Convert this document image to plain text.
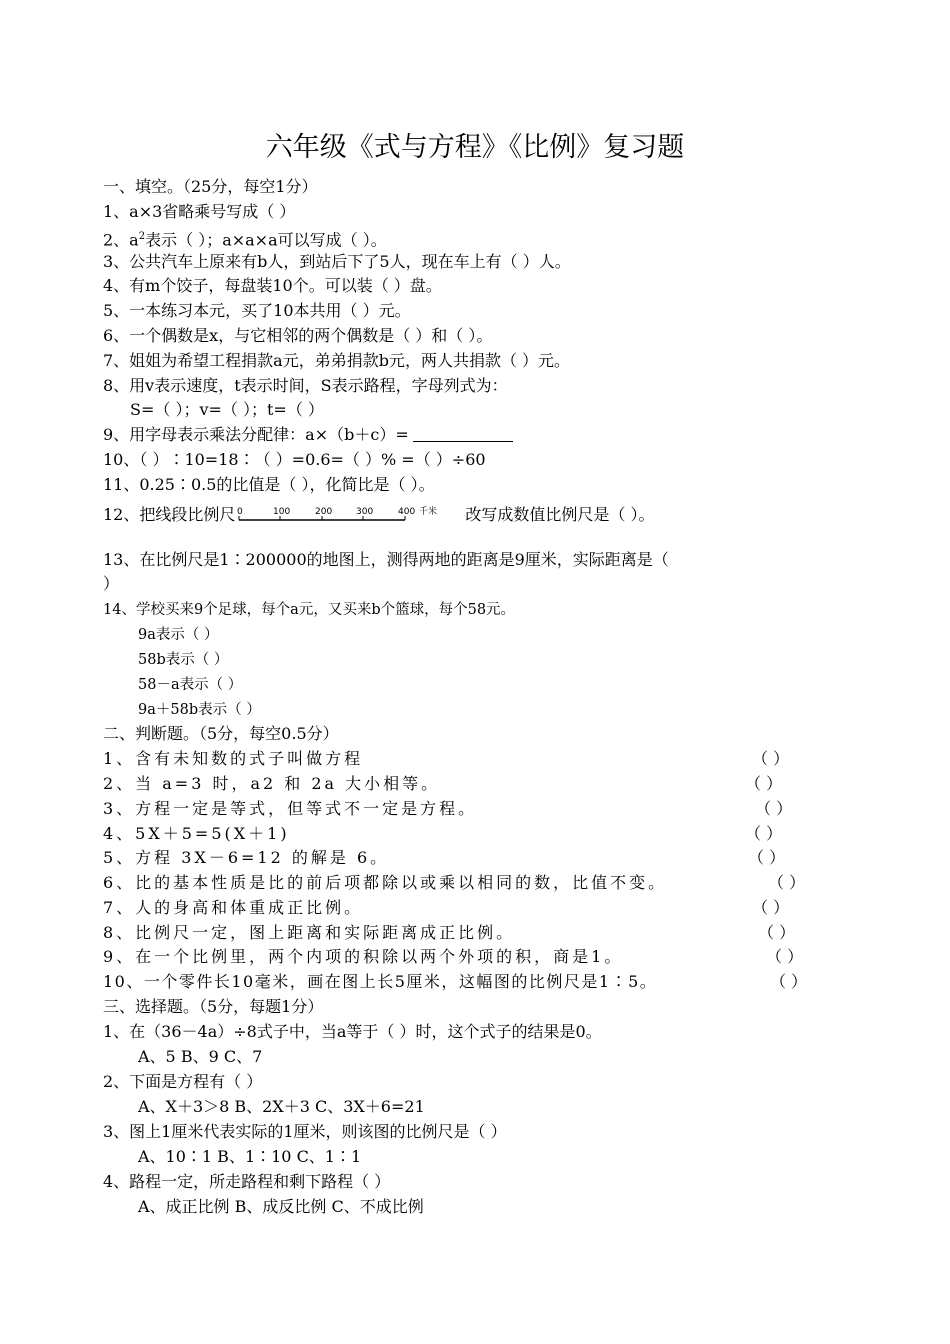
六年级《式与方程》《比例》复习题
一、填空。（25分，每空1分）
1、a×3省略乘号写成（ ）
2、$a^2$表示（ ）；a×a×a可以写成（ ）。
3、公共汽车上原来有b人，到站后下了5人，现在车上有（ ）人。
4、有m个饺子，每盘装10个。可以装（ ）盘。
5、一本练习本元，买了10本共用（ ）元。
6、一个偶数是x，与它相邻的两个偶数是（ ）和（ ）。
7、姐姐为希望工程捐款a元，弟弟捐款b元，两人共捐款（ ）元。
8、用v表示速度，t表示时间，S表示路程，字母列式为：
S=（ ）；v=（ ）；t=（ ）
9、用字母表示乘法分配律：a×（b＋c）=
10、（ ）∶10=18∶（ ）=0.6=（ ）% =（ ）÷60
11、0.25∶0.5的比值是（ ），化简比是（ ）。
12、把线段比例尺 0	100	200	300	400 千米 改写成数值比例尺是（ ）。
13、在比例尺是1∶200000的地图上，测得两地的距离是9厘米，实际距离是（
）
14、学校买来9个足球，每个a元，又买来b个篮球，每个58元。
9a表示（ ）
58b表示（ ）
58－a表示（ ）
9a＋58b表示（ ）
二、判断题。（5分，每空0.5分）
1、含有未知数的式子叫做方程	（ ）
2、当 a=3 时，a2 和 2a 大小相等。	（ ）
3、方程一定是等式，但等式不一定是方程。	（ ）
4、5X＋5=5(X＋1)	（ ）
5、方程 3X－6=12 的解是 6。	（ ）
6、比的基本性质是比的前后项都除以或乘以相同的数，比值不变。	（ ）
7、人的身高和体重成正比例。	（ ）
8、比例尺一定，图上距离和实际距离成正比例。	（ ）
9、在一个比例里，两个内项的积除以两个外项的积，商是1。	（ ）
10、一个零件长10毫米，画在图上长5厘米，这幅图的比例尺是1∶5。	（ ）
三、选择题。（5分，每题1分）
1、在（36－4a）÷8式子中，当a等于（ ）时，这个式子的结果是0。
A、5 B、9 C、7
2、下面是方程有（ ）
A、X＋3＞8 B、2X＋3 C、3X＋6=21
3、图上1厘米代表实际的1厘米，则该图的比例尺是（ ）
A、10∶1 B、1∶10 C、1∶1
4、路程一定，所走路程和剩下路程（ ）
A、成正比例 B、成反比例 C、不成比例
